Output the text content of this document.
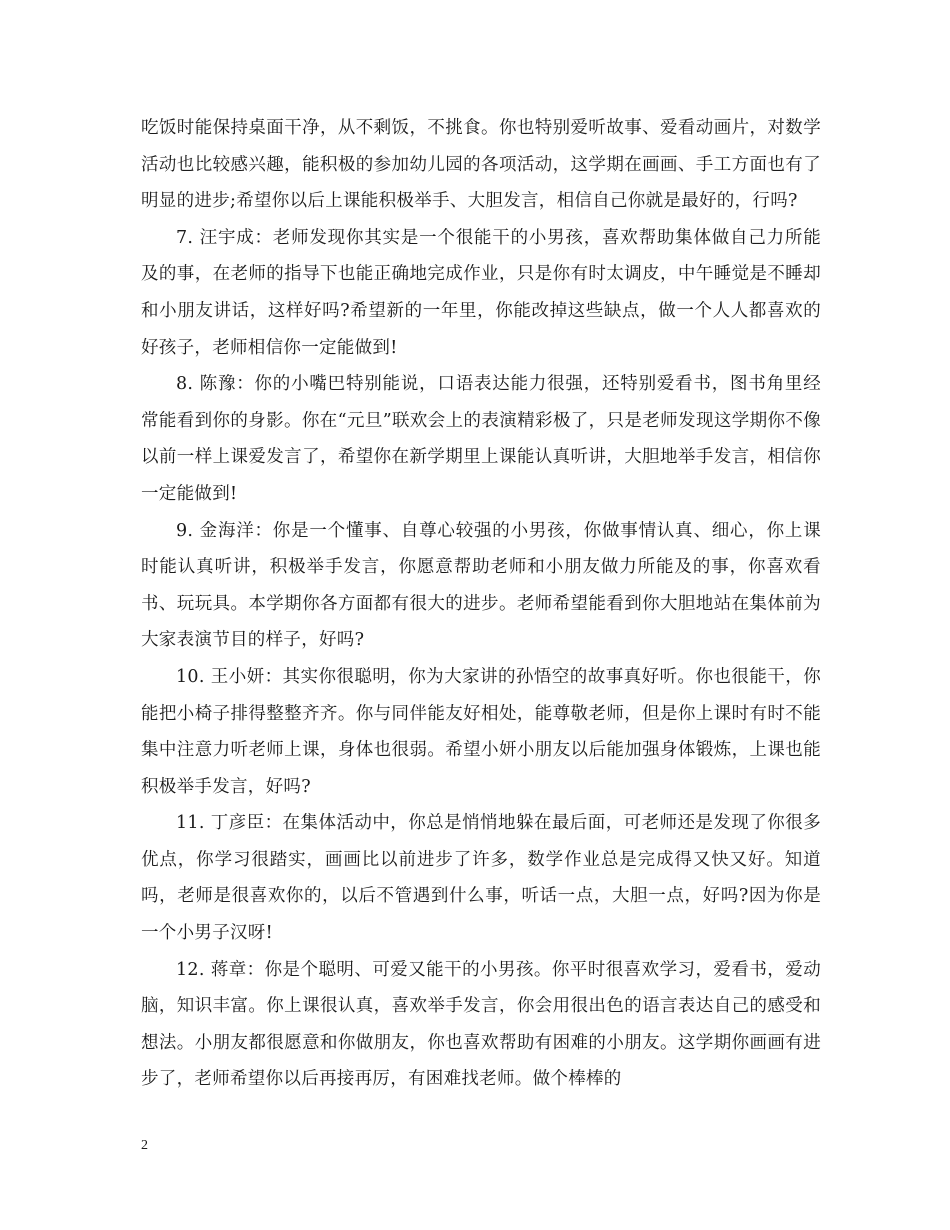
吃饭时能保持桌面干净，从不剩饭，不挑食。你也特别爱听故事、爱看动画片，对数学活动也比较感兴趣，能积极的参加幼儿园的各项活动，这学期在画画、手工方面也有了明显的进步;希望你以后上课能积极举手、大胆发言，相信自己你就是最好的，行吗?

7. 汪宇成：老师发现你其实是一个很能干的小男孩，喜欢帮助集体做自己力所能及的事，在老师的指导下也能正确地完成作业，只是你有时太调皮，中午睡觉是不睡却和小朋友讲话，这样好吗?希望新的一年里，你能改掉这些缺点，做一个人人都喜欢的好孩子，老师相信你一定能做到!

8. 陈豫：你的小嘴巴特别能说，口语表达能力很强，还特别爱看书，图书角里经常能看到你的身影。你在“元旦”联欢会上的表演精彩极了，只是老师发现这学期你不像以前一样上课爱发言了，希望你在新学期里上课能认真听讲，大胆地举手发言，相信你一定能做到!

9. 金海洋：你是一个懂事、自尊心较强的小男孩，你做事情认真、细心，你上课时能认真听讲，积极举手发言，你愿意帮助老师和小朋友做力所能及的事，你喜欢看书、玩玩具。本学期你各方面都有很大的进步。老师希望能看到你大胆地站在集体前为大家表演节目的样子，好吗?

10. 王小妍：其实你很聪明，你为大家讲的孙悟空的故事真好听。你也很能干，你能把小椅子排得整整齐齐。你与同伴能友好相处，能尊敬老师，但是你上课时有时不能集中注意力听老师上课，身体也很弱。希望小妍小朋友以后能加强身体锻炼，上课也能积极举手发言，好吗?

11. 丁彦臣：在集体活动中，你总是悄悄地躲在最后面，可老师还是发现了你很多优点，你学习很踏实，画画比以前进步了许多，数学作业总是完成得又快又好。知道吗，老师是很喜欢你的，以后不管遇到什么事，听话一点，大胆一点，好吗?因为你是一个小男子汉呀!

12. 蒋章：你是个聪明、可爱又能干的小男孩。你平时很喜欢学习，爱看书，爱动脑，知识丰富。你上课很认真，喜欢举手发言，你会用很出色的语言表达自己的感受和想法。小朋友都很愿意和你做朋友，你也喜欢帮助有困难的小朋友。这学期你画画有进步了，老师希望你以后再接再厉，有困难找老师。做个棒棒的

2
